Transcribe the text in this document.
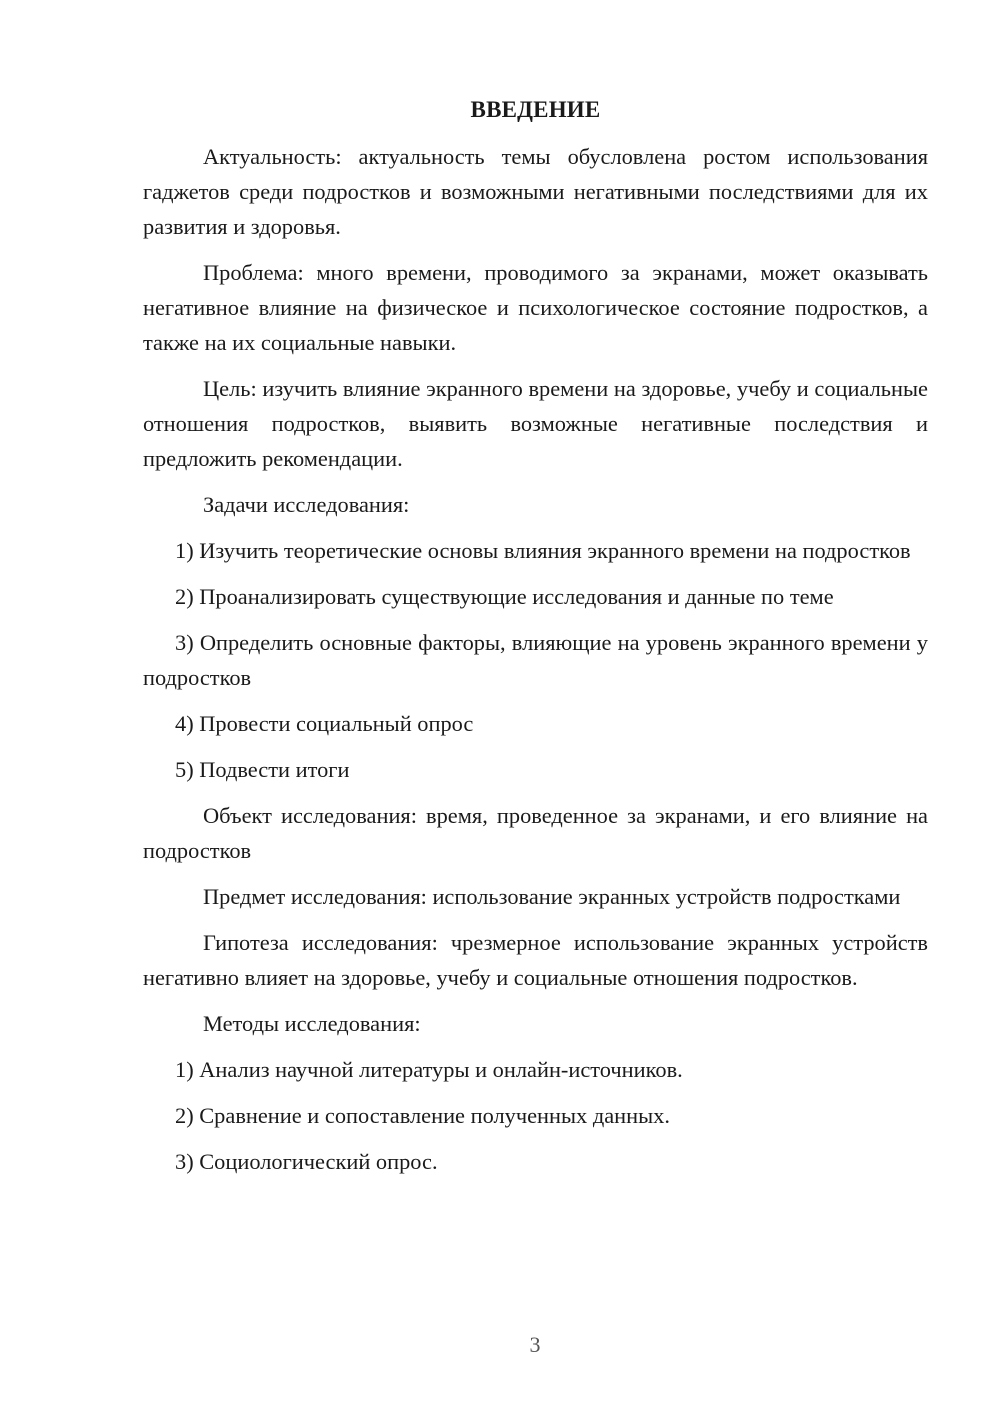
ВВЕДЕНИЕ

Актуальность: актуальность темы обусловлена ростом использования гаджетов среди подростков и возможными негативными последствиями для их развития и здоровья.

Проблема: много времени, проводимого за экранами, может оказывать негативное влияние на физическое и психологическое состояние подростков, а также на их социальные навыки.

Цель: изучить влияние экранного времени на здоровье, учебу и социальные отношения подростков, выявить возможные негативные последствия и предложить рекомендации.

Задачи исследования:

1) Изучить теоретические основы влияния экранного времени на подростков

2) Проанализировать существующие исследования и данные по теме

3) Определить основные факторы, влияющие на уровень экранного времени у подростков

4) Провести социальный опрос

5) Подвести итоги

Объект исследования: время, проведенное за экранами, и его влияние на подростков

Предмет исследования: использование экранных устройств подростками

Гипотеза исследования: чрезмерное использование экранных устройств негативно влияет на здоровье, учебу и социальные отношения подростков.

Методы исследования:

1) Анализ научной литературы и онлайн-источников.

2) Сравнение и сопоставление полученных данных.

3) Социологический опрос.

3
